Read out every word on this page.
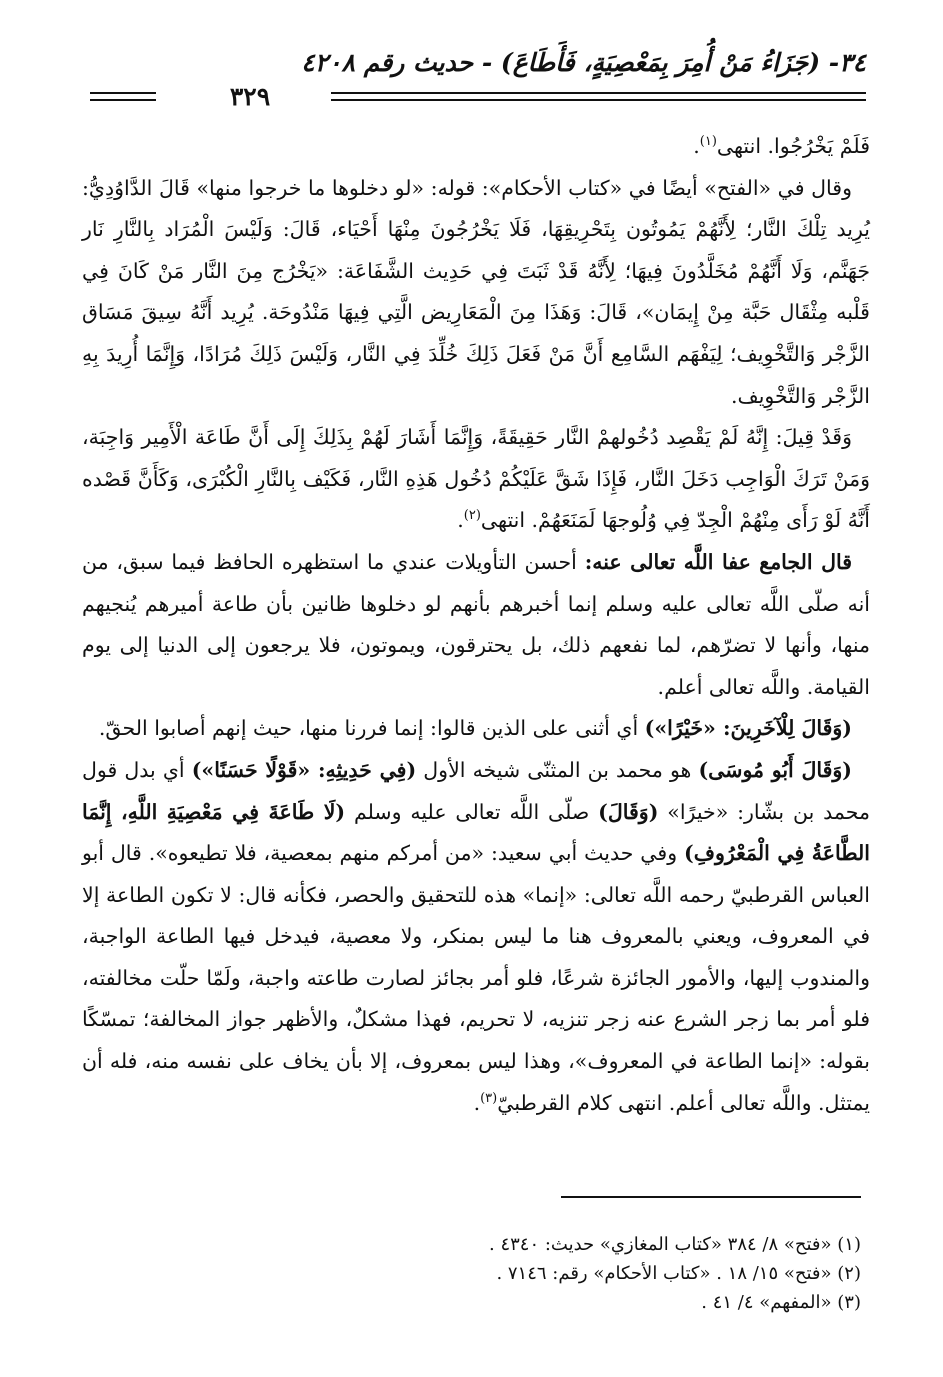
٣٤- (جَزَاءُ مَنْ أُمِرَ بِمَعْصِيَةٍ، فَأَطَاعَ) - حديث رقم ٤٢٠٨
٣٢٩

فَلَمْ يَخْرُجُوا. انتهى$^{(١)}$.

وقال في «الفتح» أيضًا في «كتاب الأحكام»: قوله: «لو دخلوها ما خرجوا منها» قَالَ الدَّاوُدِيُّ: يُرِيد تِلْكَ النَّار؛ لِأَنَّهُمْ يَمُوتُون بِتَحْرِيقِهَا، فَلَا يَخْرُجُونَ مِنْهَا أَحْيَاء، قَالَ: وَلَيْسَ الْمُرَاد بِالنَّارِ نَار جَهَنَّم، وَلَا أَنَّهُمْ مُخَلَّدُونَ فِيهَا؛ لِأَنَّهُ قَدْ ثَبَتَ فِي حَدِيث الشَّفَاعَة: «يَخْرُج مِنَ النَّار مَنْ كَانَ فِي قَلْبه مِثْقَال حَبَّة مِنْ إِيمَان»، قَالَ: وَهَذَا مِنَ الْمَعَارِيض الَّتِي فِيهَا مَنْدُوحَة. يُرِيد أَنَّهُ سِيقَ مَسَاق الزَّجْر وَالتَّخْوِيف؛ لِيَفْهَم السَّامِع أَنَّ مَنْ فَعَلَ ذَلِكَ خُلِّدَ فِي النَّار، وَلَيْسَ ذَلِكَ مُرَادًا، وَإِنَّمَا أُرِيدَ بِهِ الزَّجْر وَالتَّخْوِيف.

وَقَدْ قِيلَ: إِنَّهُ لَمْ يَقْصِد دُخُولهمْ النَّار حَقِيقَةً، وَإِنَّمَا أَشَارَ لَهُمْ بِذَلِكَ إِلَى أَنَّ طَاعَة الْأَمِير وَاجِبَة، وَمَنْ تَرَكَ الْوَاجِب دَخَلَ النَّار، فَإِذَا شَقَّ عَلَيْكُمْ دُخُول هَذِهِ النَّار، فَكَيْف بِالنَّارِ الْكُبْرَى، وَكَأَنَّ قَصْده أَنَّهُ لَوْ رَأَى مِنْهُمْ الْجِدّ فِي وُلُوجهَا لَمَنَعَهُمْ. انتهى$^{(٢)}$.

قال الجامع عفا اللَّه تعالى عنه: أحسن التأويلات عندي ما استظهره الحافظ فيما سبق، من أنه صلّى اللَّه تعالى عليه وسلم إنما أخبرهم بأنهم لو دخلوها ظانين بأن طاعة أميرهم يُنجيهم منها، وأنها لا تضرّهم، لما نفعهم ذلك، بل يحترقون، ويموتون، فلا يرجعون إلى الدنيا إلى يوم القيامة. واللَّه تعالى أعلم.

(وَقَالَ لِلْآخَرِينَ: «خَيْرًا») أي أثنى على الذين قالوا: إنما فررنا منها، حيث إنهم أصابوا الحقّ.

(وَقَالَ أَبُو مُوسَى) هو محمد بن المثنّى شيخه الأول (فِي حَدِيثِهِ: «قَوْلًا حَسَنًا») أي بدل قول محمد بن بشّار: «خيرًا» (وَقَالَ) صلّى اللَّه تعالى عليه وسلم (لَا طَاعَةَ فِي مَعْصِيَةِ اللَّهِ، إِنَّمَا الطَّاعَةُ فِي الْمَعْرُوفِ) وفي حديث أبي سعيد: «من أمركم منهم بمعصية، فلا تطيعوه». قال أبو العباس القرطبيّ رحمه اللَّه تعالى: «إنما» هذه للتحقيق والحصر، فكأنه قال: لا تكون الطاعة إلا في المعروف، ويعني بالمعروف هنا ما ليس بمنكر، ولا معصية، فيدخل فيها الطاعة الواجبة، والمندوب إليها، والأمور الجائزة شرعًا، فلو أمر بجائز لصارت طاعته واجبة، ولَمّا حلّت مخالفته، فلو أمر بما زجر الشرع عنه زجر تنزيه، لا تحريم، فهذا مشكلٌ، والأظهر جواز المخالفة؛ تمسّكًا بقوله: «إنما الطاعة في المعروف»، وهذا ليس بمعروف، إلا بأن يخاف على نفسه منه، فله أن يمتثل. واللَّه تعالى أعلم. انتهى كلام القرطبيّ$^{(٣)}$.

(١) «فتح» ٨/ ٣٨٤ «كتاب المغازي» حديث: ٤٣٤٠ .

(٢) «فتح» ١٥/ ١٨ . «كتاب الأحكام» رقم: ٧١٤٦ .

(٣) «المفهم» ٤/ ٤١ .
